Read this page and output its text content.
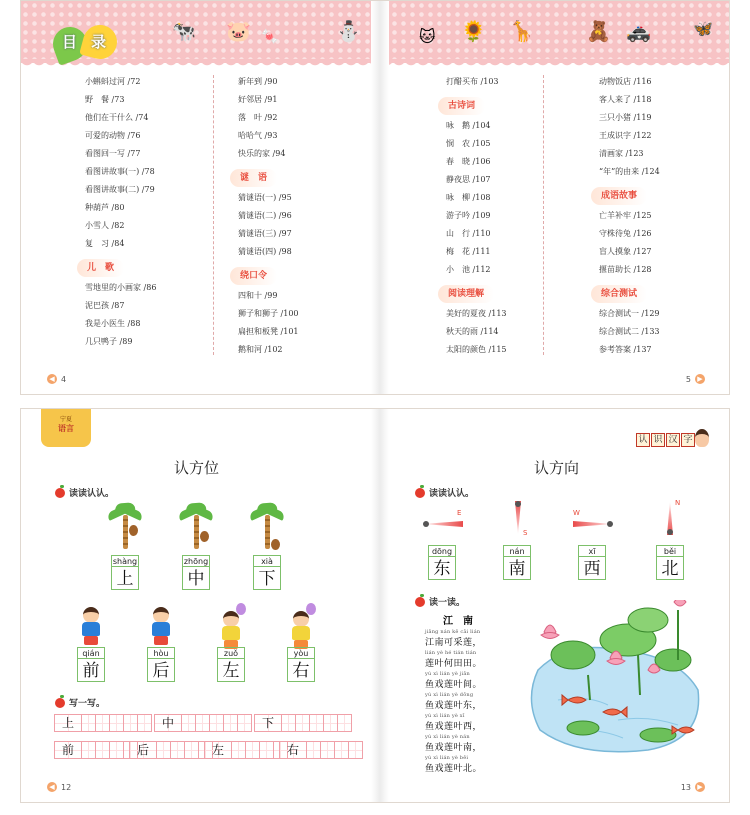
目 录	🐄 🐷 🍬	⛄	🐱 🌻 🦒	🧸 🚓	🦋
小蝌蚪过河 /72
野　餐 /73
他们在干什么 /74
可爱的动物 /76
看图回一写 /77
看图讲故事(一) /78
看图讲故事(二) /79
种葫芦 /80
小雪人 /82
复　习 /84
儿　歌
雪地里的小画家 /86
泥巴孩 /87
我是小医生 /88
几只鸭子 /89
新年到 /90
好邻居 /91
落　叶 /92
哈哈气 /93
快乐的家 /94
谜　语
猜谜语(一) /95
猜谜语(二) /96
猜谜语(三) /97
猜谜语(四) /98
绕口令
四和十 /99
狮子和狮子 /100
扁担和板凳 /101
鹅和河 /102
打醋买布 /103
古诗词
咏　鹅 /104
悯　农 /105
春　晓 /106
静夜思 /107
咏　柳 /108
游子吟 /109
山　行 /110
梅　花 /111
小　池 /112
阅读理解
美好的夏夜 /113
秋天的雨 /114
太阳的颜色 /115
动物饭店 /116
客人来了 /118
三只小猪 /119
王成识字 /122
清画家 /123
“年”的由来 /124
成语故事
亡羊补牢 /125
守株待兔 /126
盲人摸象 /127
揠苗助长 /128
综合测试
综合测试一 /129
综合测试二 /133
参考答案 /137
◀ 4	5 ▶
宁夏
语言
认 识 汉 字
认方位
读读认认。
shàng
上
zhōng
中
xià
下
qián
前
hòu
后
zuǒ
左
yòu
右
写一写。
上	中	下
前	后	左	右
◀ 12
认方向
读读认认。
E
S
W
N
dōng
东
nán
南
xī
西
běi
北
读一读。
13 ▶
江　南
jiāng nán kě cǎi lián
江南可采莲，
lián yè hé tián tián
莲叶何田田。
yú xì lián yè jiān
鱼戏莲叶间。
yú xì lián yè dōng
鱼戏莲叶东，
yú xì lián yè xī
鱼戏莲叶西，
yú xì lián yè nán
鱼戏莲叶南，
yú xì lián yè běi
鱼戏莲叶北。
